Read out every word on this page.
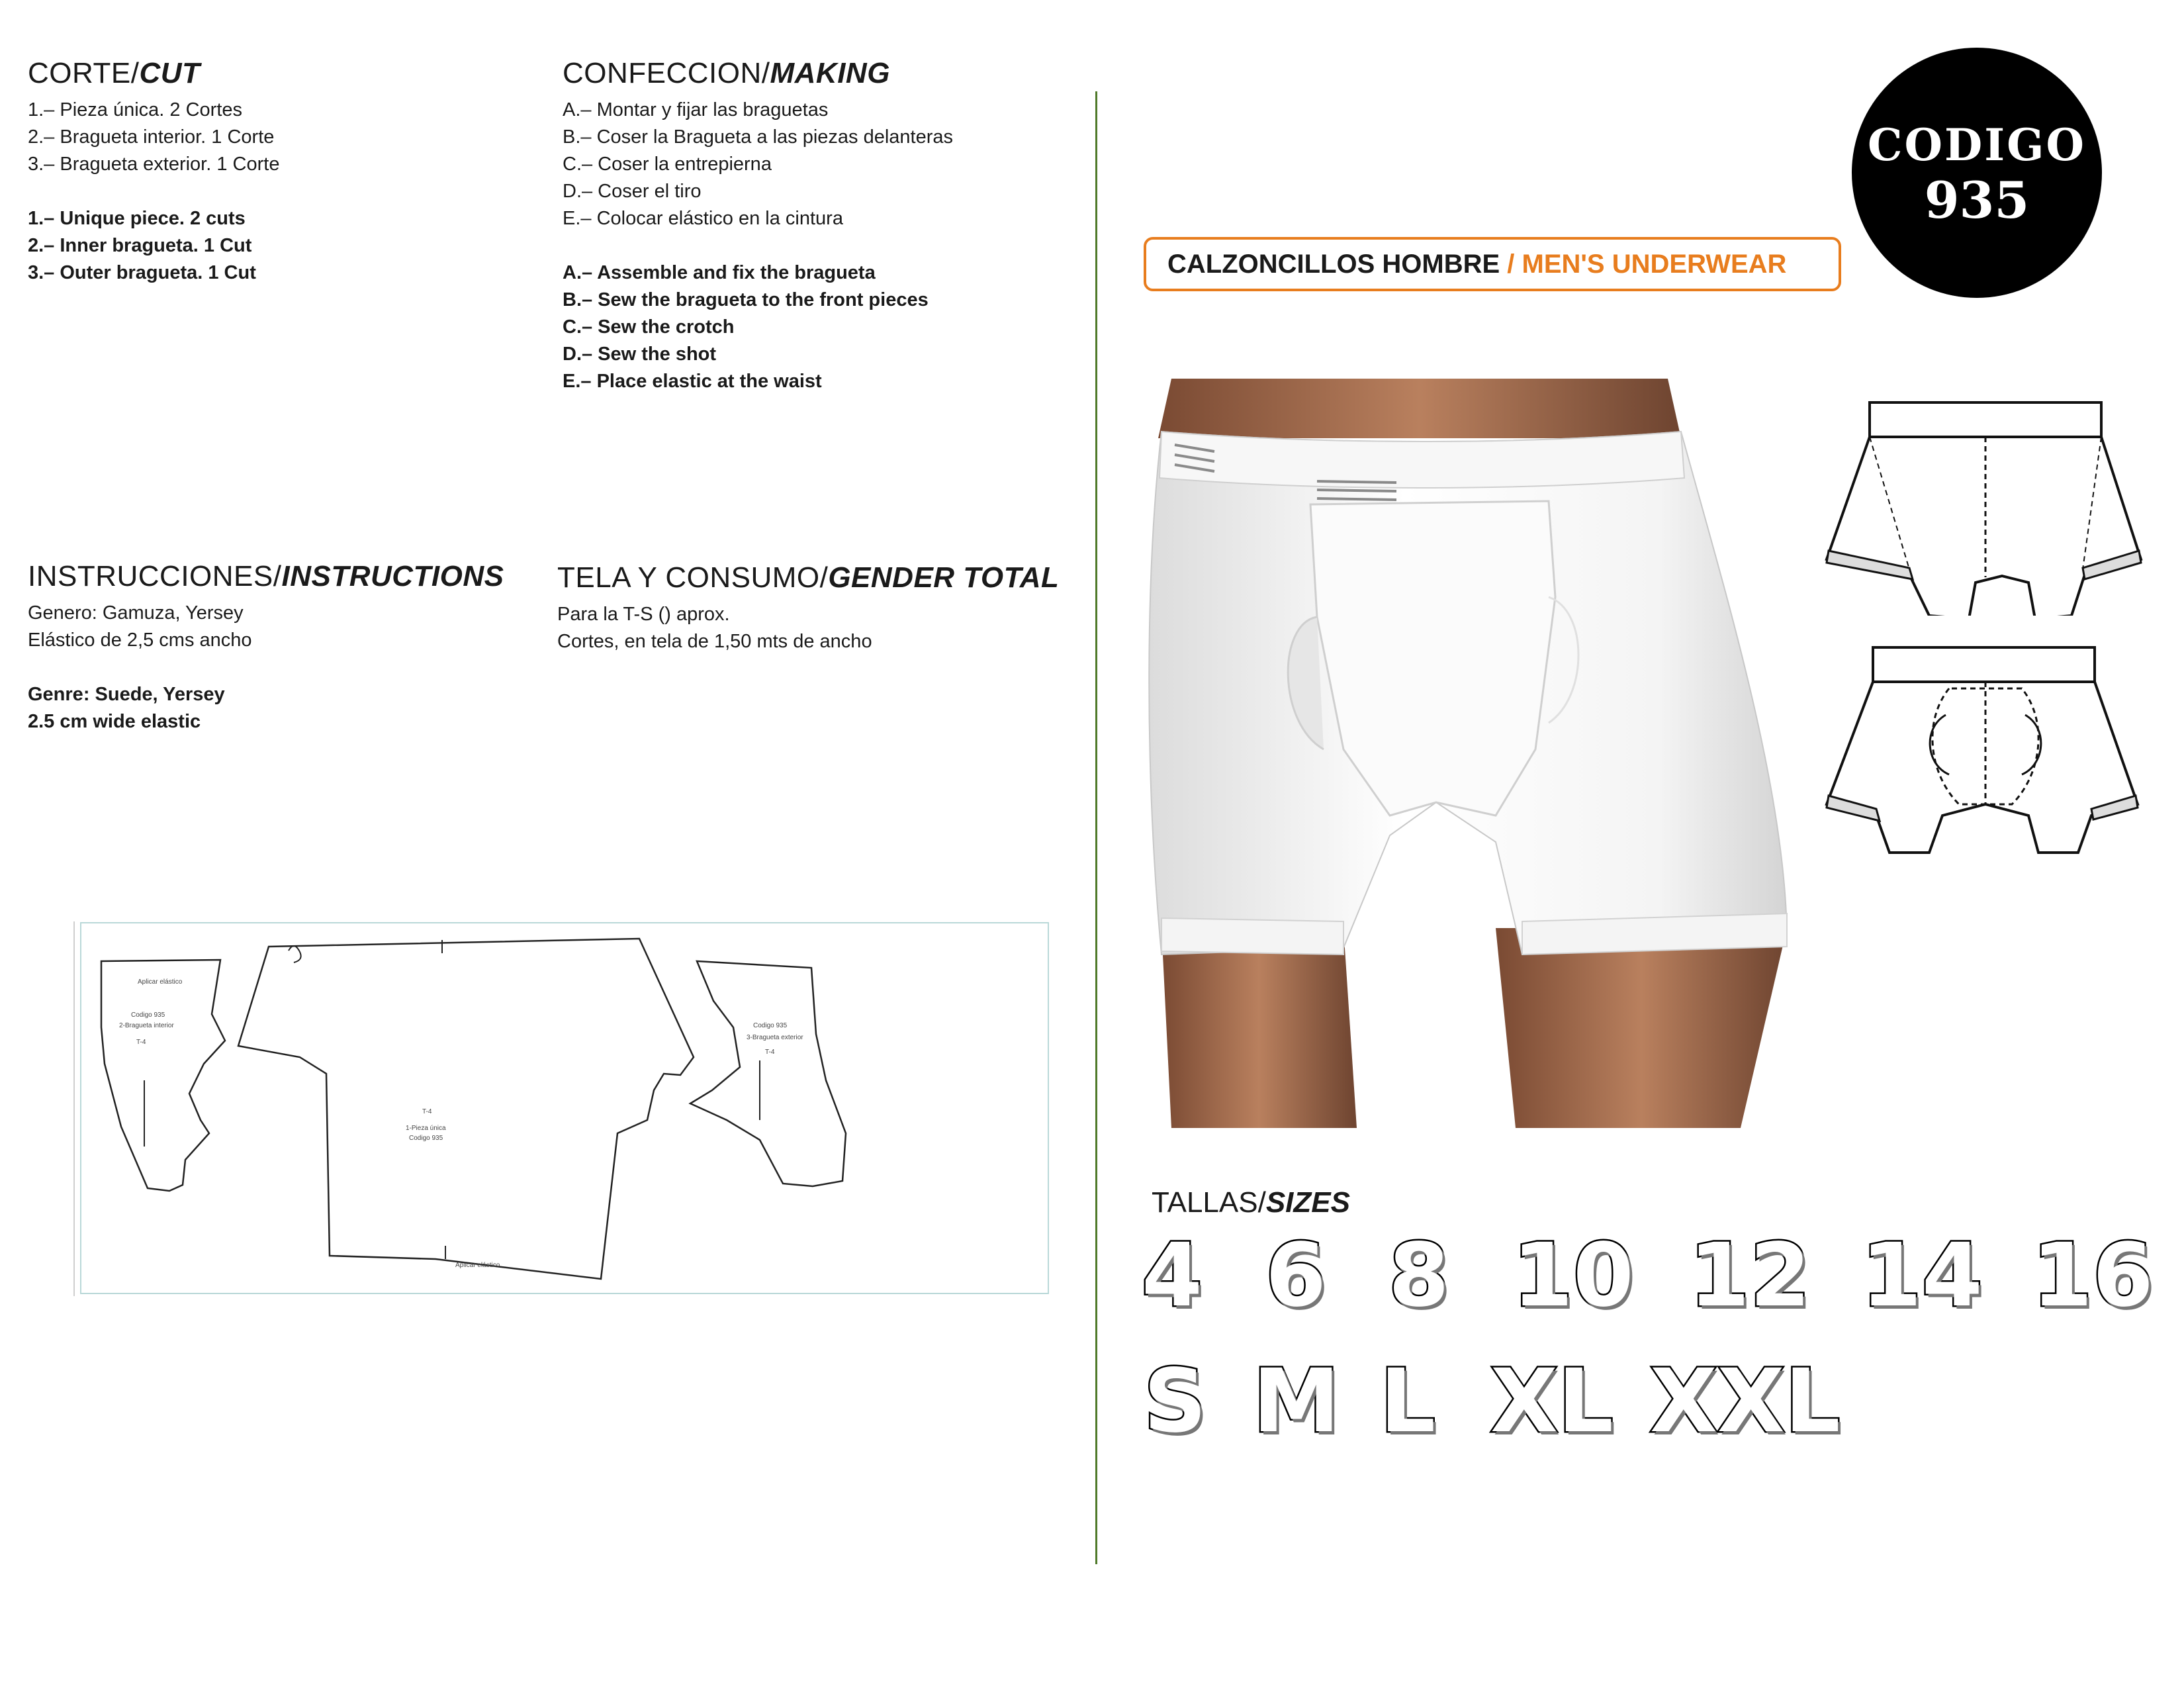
CORTE/CUT
1.– Pieza única. 2 Cortes
2.– Bragueta interior. 1 Corte
3.– Bragueta exterior. 1 Corte
1.– Unique piece. 2 cuts
2.– Inner bragueta. 1 Cut
3.– Outer bragueta. 1 Cut
CONFECCION/MAKING
A.– Montar y fijar las braguetas
B.– Coser la Bragueta a las piezas delanteras
C.– Coser la entrepierna
D.– Coser el tiro
E.– Colocar elástico en la cintura
A.– Assemble and fix the bragueta
B.– Sew the bragueta to the front pieces
C.– Sew the crotch
D.– Sew the shot
E.– Place elastic at the waist
INSTRUCCIONES/INSTRUCTIONS
Genero: Gamuza, Yersey
Elástico de 2,5 cms ancho
Genre: Suede, Yersey
2.5 cm wide elastic
TELA Y CONSUMO/GENDER TOTAL
Para la T-S () aprox.
Cortes, en tela de 1,50 mts de ancho
Aplicar elástico
Codigo 935
2-Bragueta interior
T-4
Codigo 935
1-Pieza única
T-4
Aplicar elástico
Codigo 935
3-Bragueta exterior
T-4
CALZONCILLOS HOMBRE / MEN'S UNDERWEAR
CODIGO
935
TALLAS/SIZES
4 6 8 10 12 14 16
S M L XL XXL
